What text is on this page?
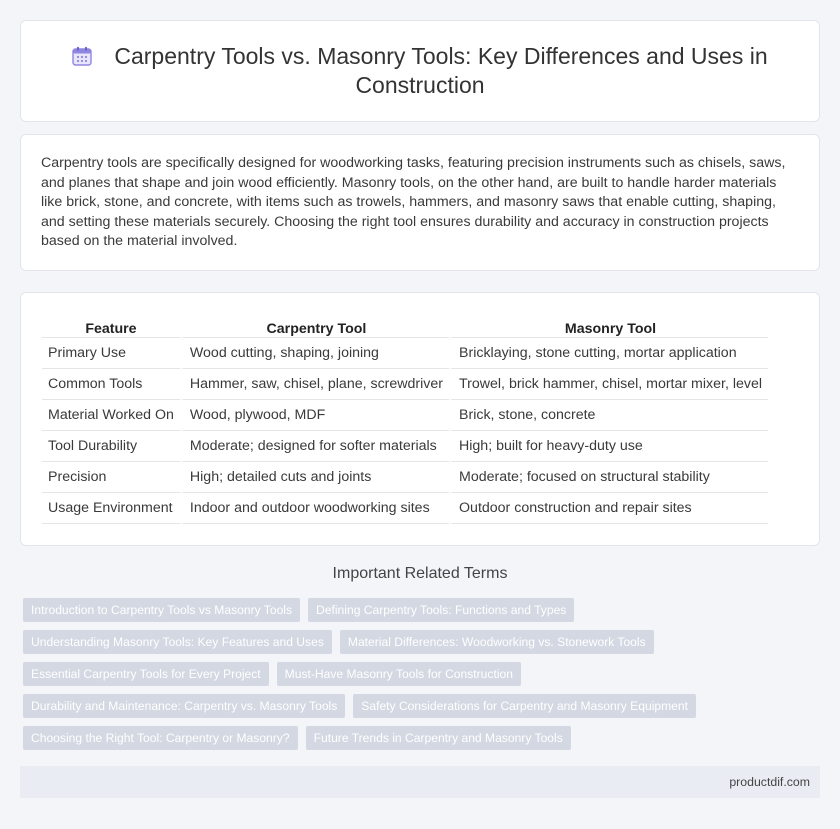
Carpentry Tools vs. Masonry Tools: Key Differences and Uses in Construction
Carpentry tools are specifically designed for woodworking tasks, featuring precision instruments such as chisels, saws, and planes that shape and join wood efficiently. Masonry tools, on the other hand, are built to handle harder materials like brick, stone, and concrete, with items such as trowels, hammers, and masonry saws that enable cutting, shaping, and setting these materials securely. Choosing the right tool ensures durability and accuracy in construction projects based on the material involved.
Feature	Carpentry Tool	Masonry Tool
Primary Use	Wood cutting, shaping, joining	Bricklaying, stone cutting, mortar application
Common Tools	Hammer, saw, chisel, plane, screwdriver	Trowel, brick hammer, chisel, mortar mixer, level
Material Worked On	Wood, plywood, MDF	Brick, stone, concrete
Tool Durability	Moderate; designed for softer materials	High; built for heavy-duty use
Precision	High; detailed cuts and joints	Moderate; focused on structural stability
Usage Environment	Indoor and outdoor woodworking sites	Outdoor construction and repair sites
Important Related Terms
Introduction to Carpentry Tools vs Masonry Tools	Defining Carpentry Tools: Functions and Types
Understanding Masonry Tools: Key Features and Uses	Material Differences: Woodworking vs. Stonework Tools
Essential Carpentry Tools for Every Project	Must-Have Masonry Tools for Construction
Durability and Maintenance: Carpentry vs. Masonry Tools	Safety Considerations for Carpentry and Masonry Equipment
Choosing the Right Tool: Carpentry or Masonry?	Future Trends in Carpentry and Masonry Tools
productdif.com
